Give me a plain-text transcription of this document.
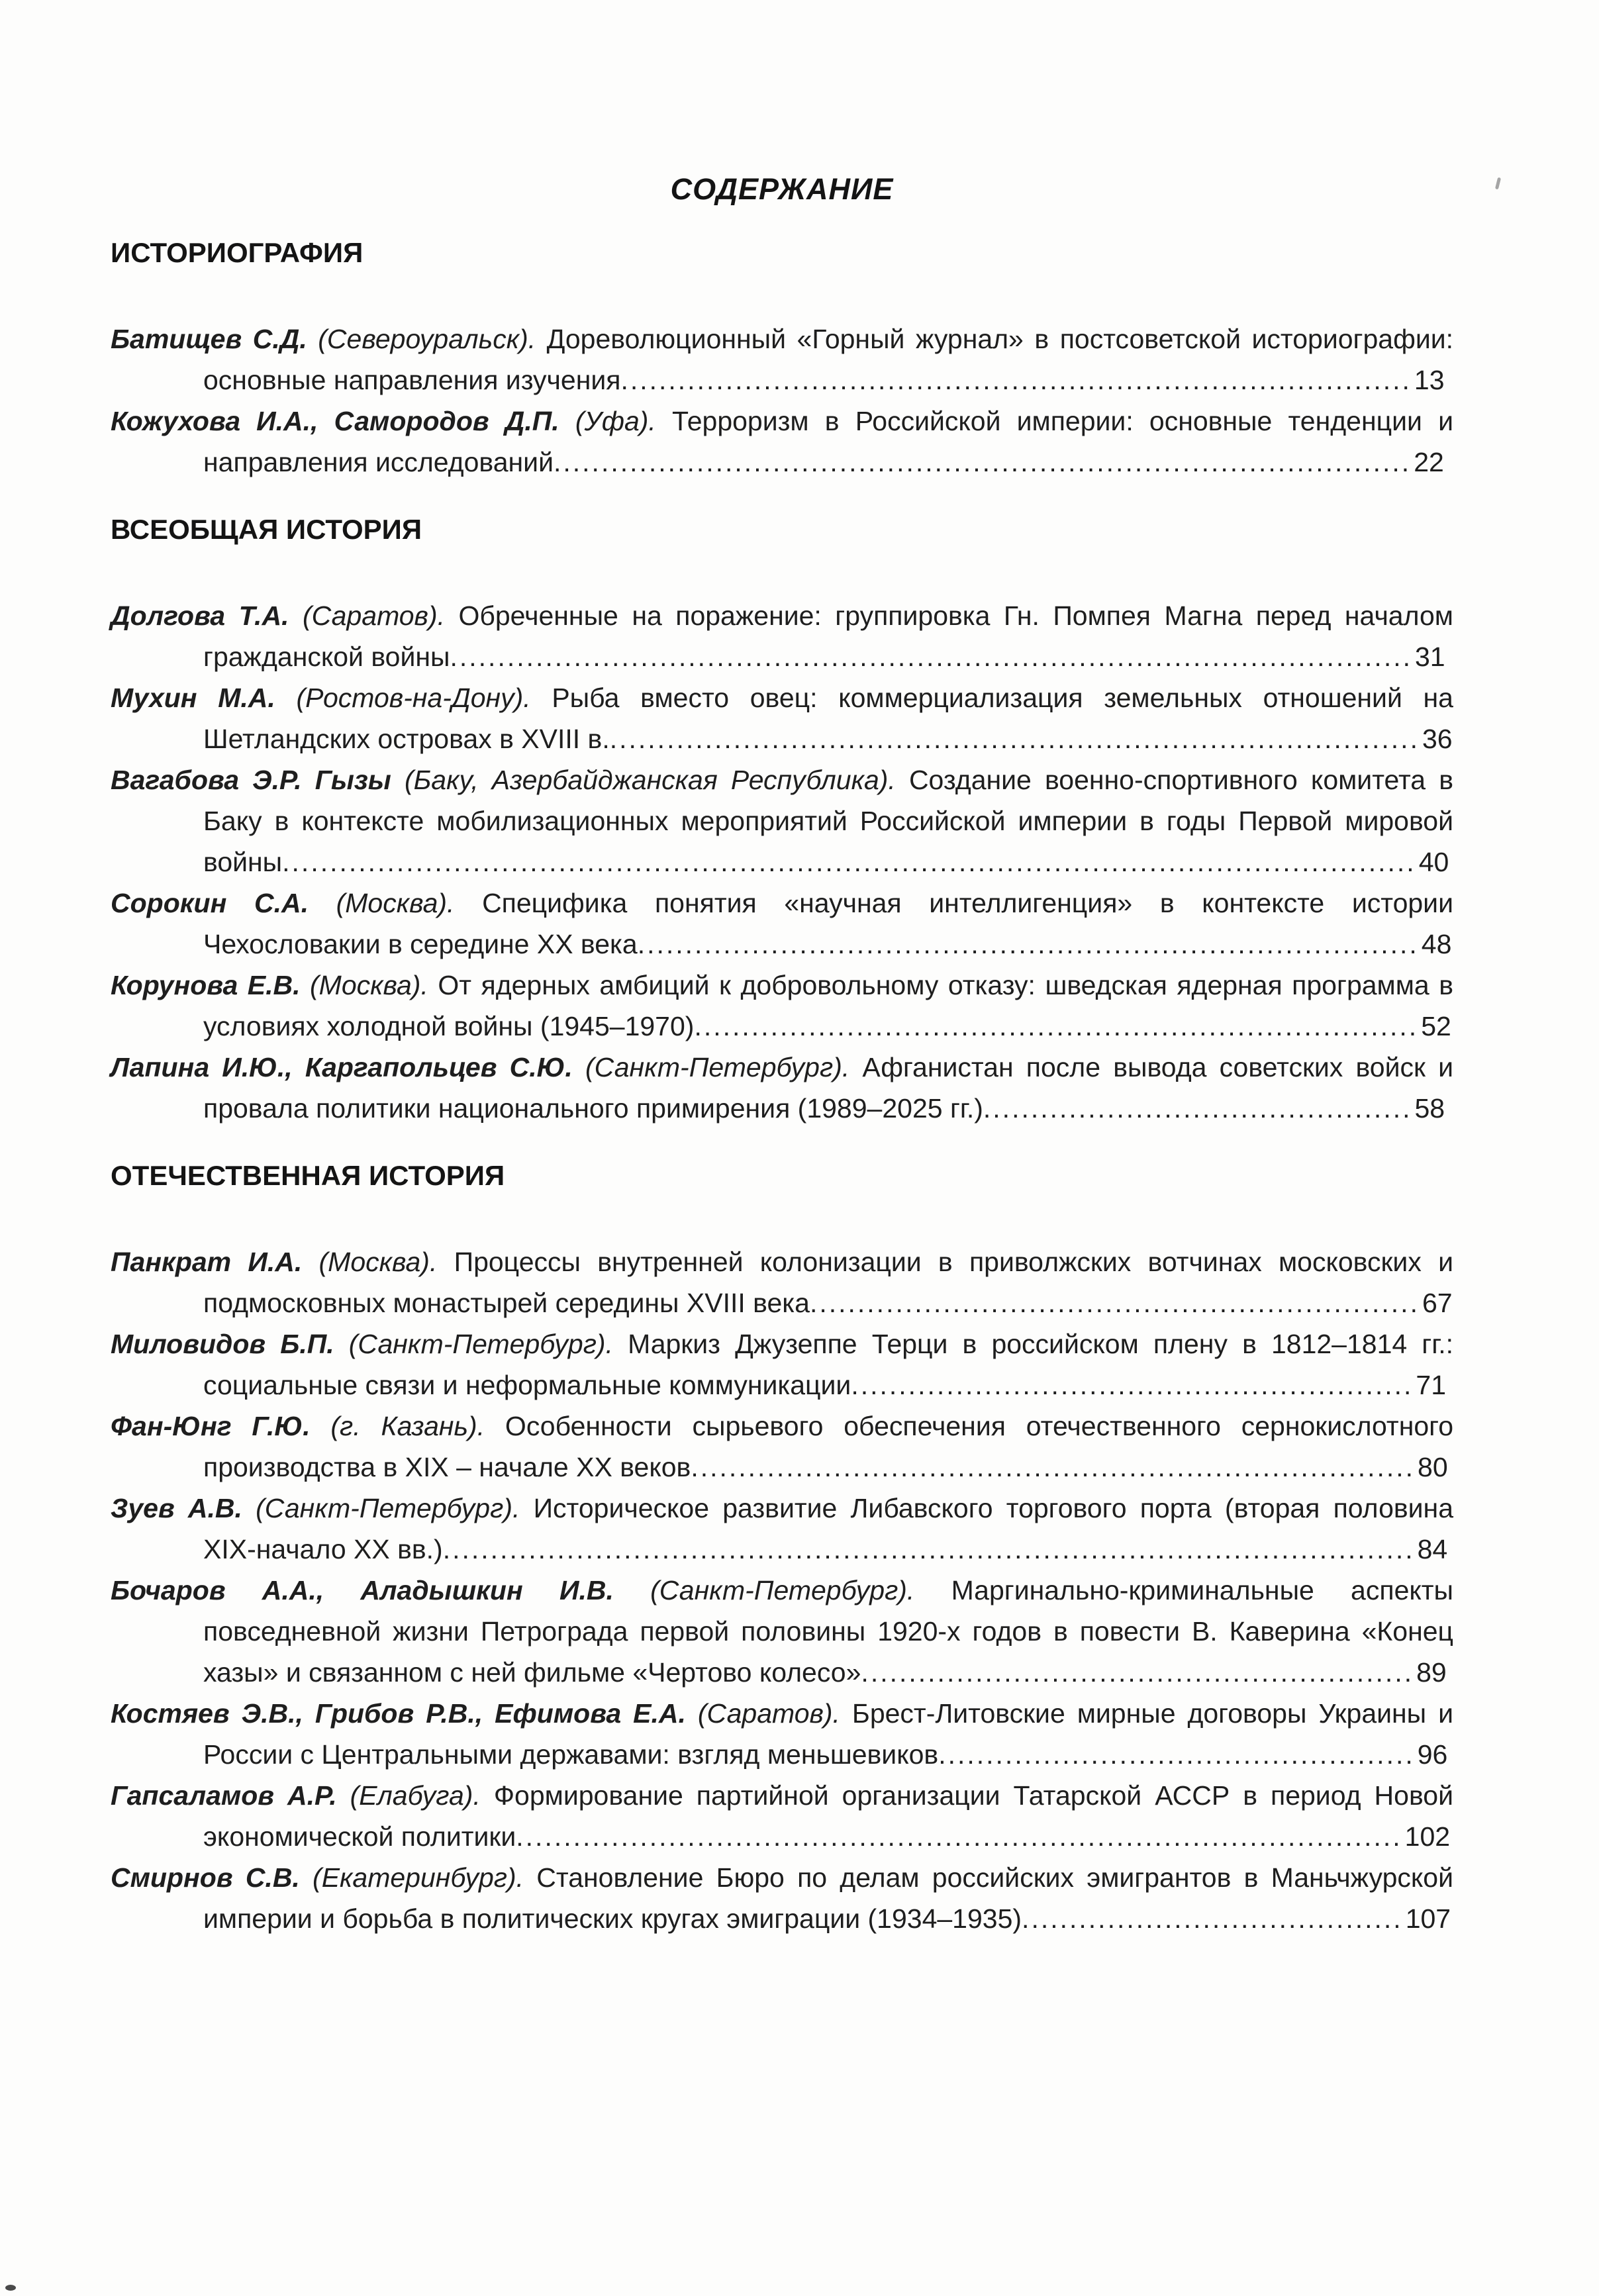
СОДЕРЖАНИЕ
ИСТОРИОГРАФИЯ

Батищев С.Д. (Североуральск). Дореволюционный «Горный журнал» в постсоветской историографии: основные направления изучения...................................................................................13

Кожухова И.А., Самородов Д.П. (Уфа). Терроризм в Российской империи: основные тенденции и направления исследований..........................................................................................22

ВСЕОБЩАЯ ИСТОРИЯ

Долгова Т.А. (Саратов). Обреченные на поражение: группировка Гн. Помпея Магна перед началом гражданской войны.....................................................................................................31

Мухин М.А. (Ростов-на-Дону). Рыба вместо овец: коммерциализация земельных отношений на Шетландских островах в XVIII в......................................................................................36

Вагабова Э.Р. Гызы (Баку, Азербайджанская Республика). Создание военно-спортивного комитета в Баку в контексте мобилизационных мероприятий Российской империи в годы Первой мировой войны.......................................................................................................................40

Сорокин С.А. (Москва). Специфика понятия «научная интеллигенция» в контексте истории Чехословакии в середине XX века..................................................................................48

Корунова Е.В. (Москва). От ядерных амбиций к добровольному отказу: шведская ядерная программа в условиях холодной войны (1945–1970)............................................................................52

Лапина И.Ю., Каргапольцев С.Ю. (Санкт-Петербург). Афганистан после вывода советских войск и провала политики национального примирения (1989–2025 гг.).............................................58

ОТЕЧЕСТВЕННАЯ ИСТОРИЯ

Панкрат И.А. (Москва). Процессы внутренней колонизации в приволжских вотчинах московских и подмосковных монастырей середины XVIII века................................................................67

Миловидов Б.П. (Санкт-Петербург). Маркиз Джузеппе Терци в российском плену в 1812–1814 гг.: социальные связи и неформальные коммуникации...........................................................71

Фан-Юнг Г.Ю. (г. Казань). Особенности сырьевого обеспечения отечественного сернокислотного производства в XIX – начале XX веков............................................................................80

Зуев А.В. (Санкт-Петербург). Историческое развитие Либавского торгового порта (вторая половина XIX-начало XX вв.)......................................................................................................84

Бочаров А.А., Аладышкин И.В. (Санкт-Петербург). Маргинально-криминальные аспекты повседневной жизни Петрограда первой половины 1920-х годов в повести В. Каверина «Конец хазы» и связанном с ней фильме «Чертово колесо»..........................................................89

Костяев Э.В., Грибов Р.В., Ефимова Е.А. (Саратов). Брест-Литовские мирные договоры Украины и России с Центральными державами: взгляд меньшевиков..................................................96

Гапсаламов А.Р. (Елабуга). Формирование партийной организации Татарской АССР в период Новой экономической политики.............................................................................................102

Смирнов С.В. (Екатеринбург). Становление Бюро по делам российских эмигрантов в Маньчжурской империи и борьба в политических кругах эмиграции (1934–1935)........................................107
